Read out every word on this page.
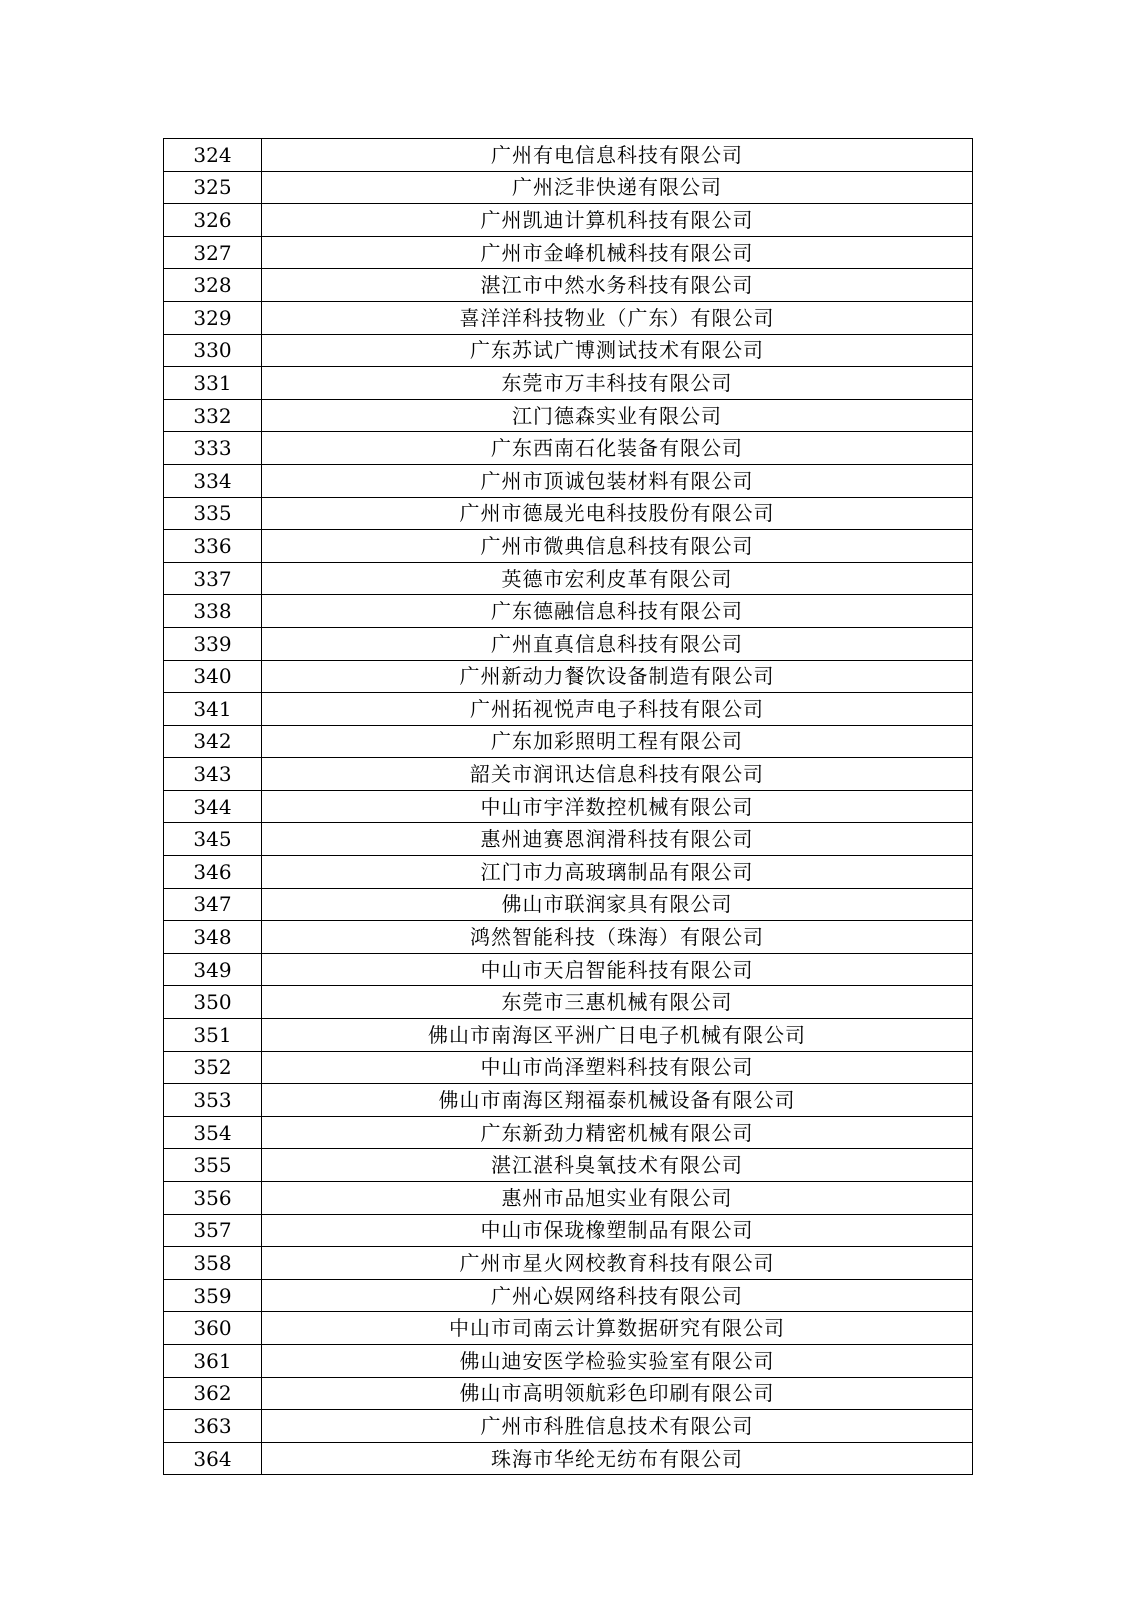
324	广州有电信息科技有限公司
325	广州泛非快递有限公司
326	广州凯迪计算机科技有限公司
327	广州市金峰机械科技有限公司
328	湛江市中然水务科技有限公司
329	喜洋洋科技物业（广东）有限公司
330	广东苏试广博测试技术有限公司
331	东莞市万丰科技有限公司
332	江门德森实业有限公司
333	广东西南石化装备有限公司
334	广州市顶诚包装材料有限公司
335	广州市德晟光电科技股份有限公司
336	广州市微典信息科技有限公司
337	英德市宏利皮革有限公司
338	广东德融信息科技有限公司
339	广州直真信息科技有限公司
340	广州新动力餐饮设备制造有限公司
341	广州拓视悦声电子科技有限公司
342	广东加彩照明工程有限公司
343	韶关市润讯达信息科技有限公司
344	中山市宇洋数控机械有限公司
345	惠州迪赛恩润滑科技有限公司
346	江门市力高玻璃制品有限公司
347	佛山市联润家具有限公司
348	鸿然智能科技（珠海）有限公司
349	中山市天启智能科技有限公司
350	东莞市三惠机械有限公司
351	佛山市南海区平洲广日电子机械有限公司
352	中山市尚泽塑料科技有限公司
353	佛山市南海区翔福泰机械设备有限公司
354	广东新劲力精密机械有限公司
355	湛江湛科臭氧技术有限公司
356	惠州市品旭实业有限公司
357	中山市保珑橡塑制品有限公司
358	广州市星火网校教育科技有限公司
359	广州心娱网络科技有限公司
360	中山市司南云计算数据研究有限公司
361	佛山迪安医学检验实验室有限公司
362	佛山市高明领航彩色印刷有限公司
363	广州市科胜信息技术有限公司
364	珠海市华纶无纺布有限公司
